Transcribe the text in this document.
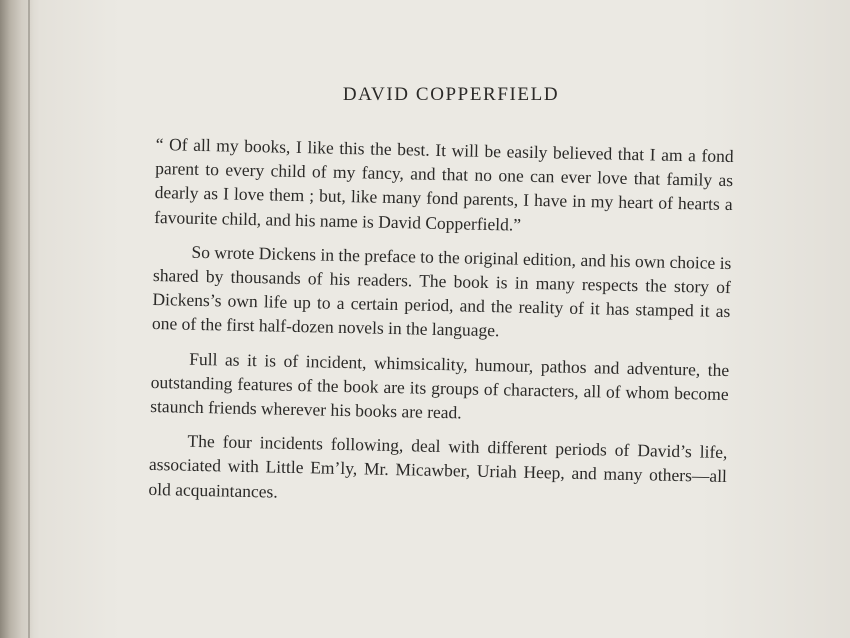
DAVID COPPERFIELD

“ Of all my books, I like this the best. It will be easily believed that I am a fond parent to every child of my fancy, and that no one can ever love that family as dearly as I love them ; but, like many fond parents, I have in my heart of hearts a favourite child, and his name is David Copperfield.”

So wrote Dickens in the preface to the original edition, and his own choice is shared by thousands of his readers. The book is in many respects the story of Dickens’s own life up to a certain period, and the reality of it has stamped it as one of the first half-dozen novels in the language.

Full as it is of incident, whimsicality, humour, pathos and adventure, the outstanding features of the book are its groups of characters, all of whom become staunch friends wherever his books are read.

The four incidents following, deal with different periods of David’s life, associated with Little Em’ly, Mr. Micawber, Uriah Heep, and many others—all old acquaintances.
